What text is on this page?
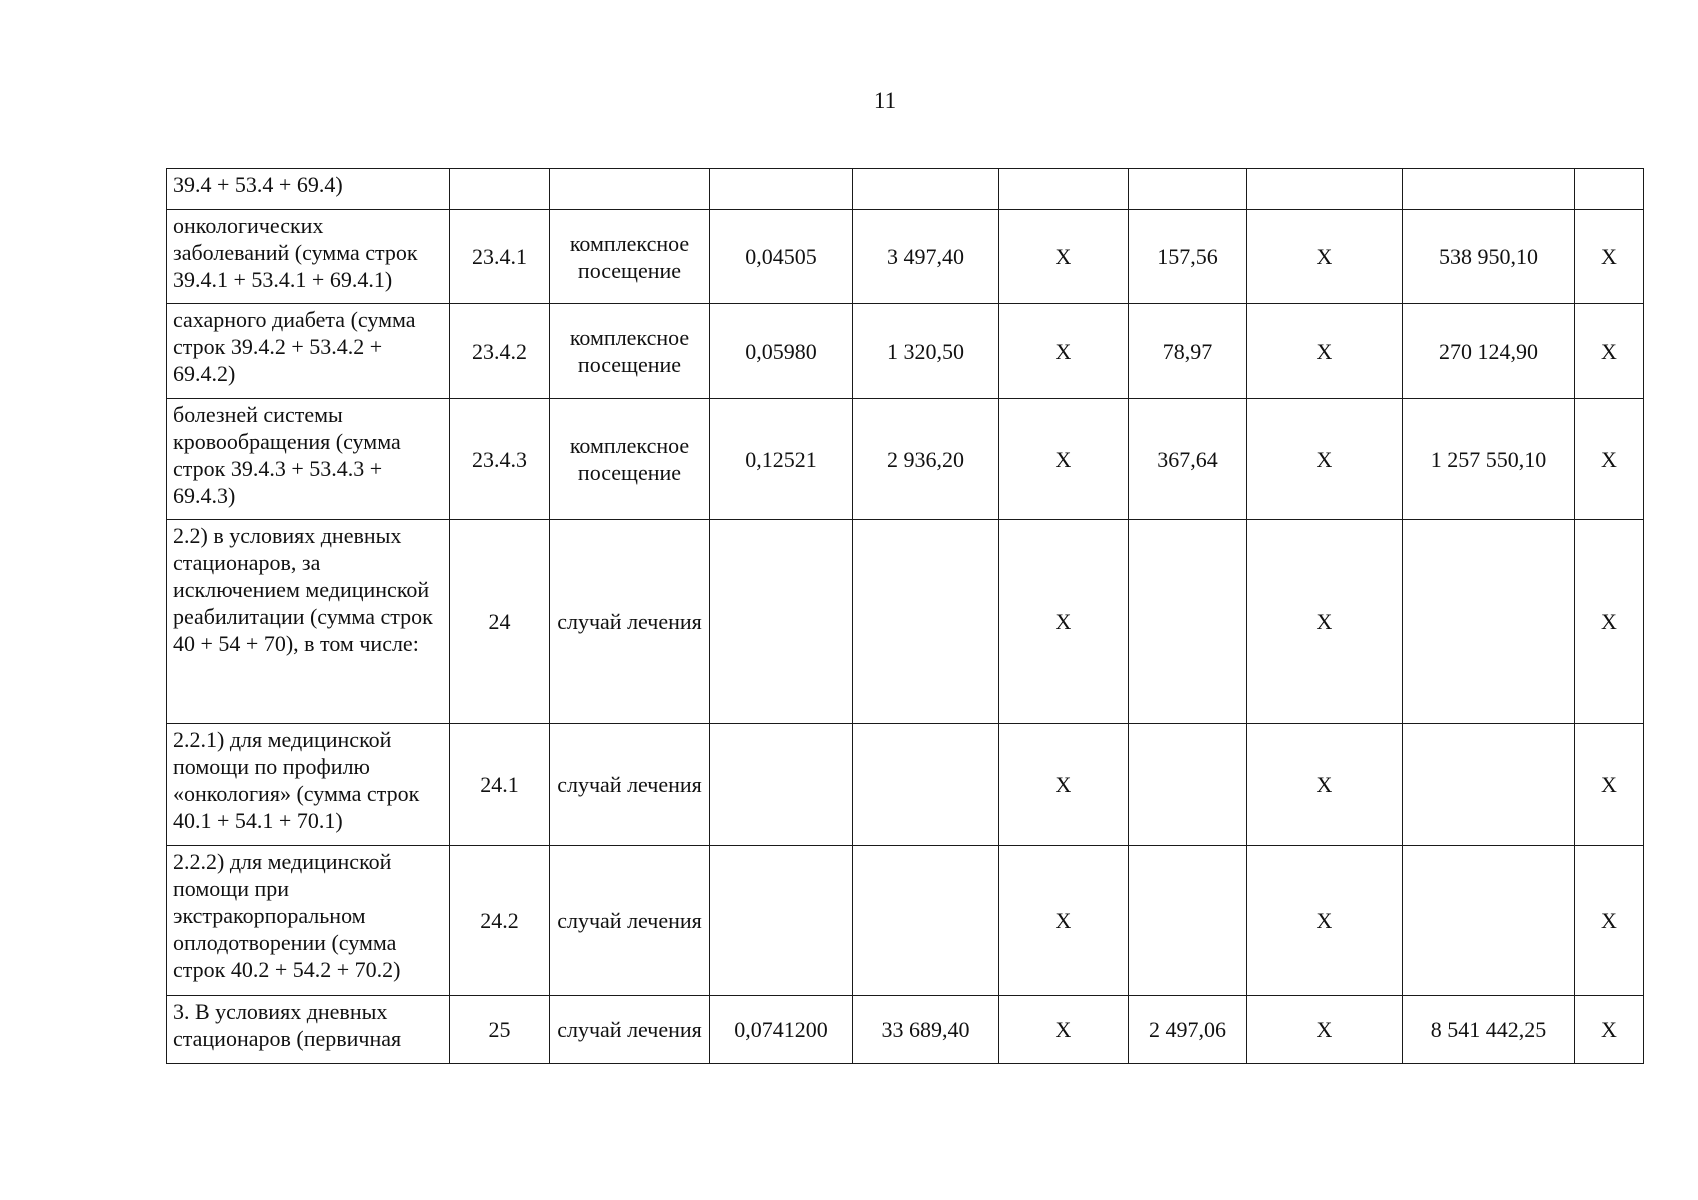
11
39.4 + 53.4 + 69.4)									
онкологических заболеваний (сумма строк 39.4.1 + 53.4.1 + 69.4.1)	23.4.1	комплексное посещение	0,04505	3 497,40	X	157,56	X	538 950,10	X
сахарного диабета (сумма строк 39.4.2 + 53.4.2 + 69.4.2)	23.4.2	комплексное посещение	0,05980	1 320,50	X	78,97	X	270 124,90	X
болезней системы кровообращения (сумма строк 39.4.3 + 53.4.3 + 69.4.3)	23.4.3	комплексное посещение	0,12521	2 936,20	X	367,64	X	1 257 550,10	X
2.2) в условиях дневных стационаров, за исключением медицинской реабилитации (сумма строк 40 + 54 + 70), в том числе:	24	случай лечения			X		X		X
2.2.1) для медицинской помощи по профилю «онкология» (сумма строк 40.1 + 54.1 + 70.1)	24.1	случай лечения			X		X		X
2.2.2) для медицинской помощи при экстракорпоральном оплодотворении (сумма строк 40.2 + 54.2 + 70.2)	24.2	случай лечения			X		X		X
3. В условиях дневных стационаров (первичная	25	случай лечения	0,0741200	33 689,40	X	2 497,06	X	8 541 442,25	X
